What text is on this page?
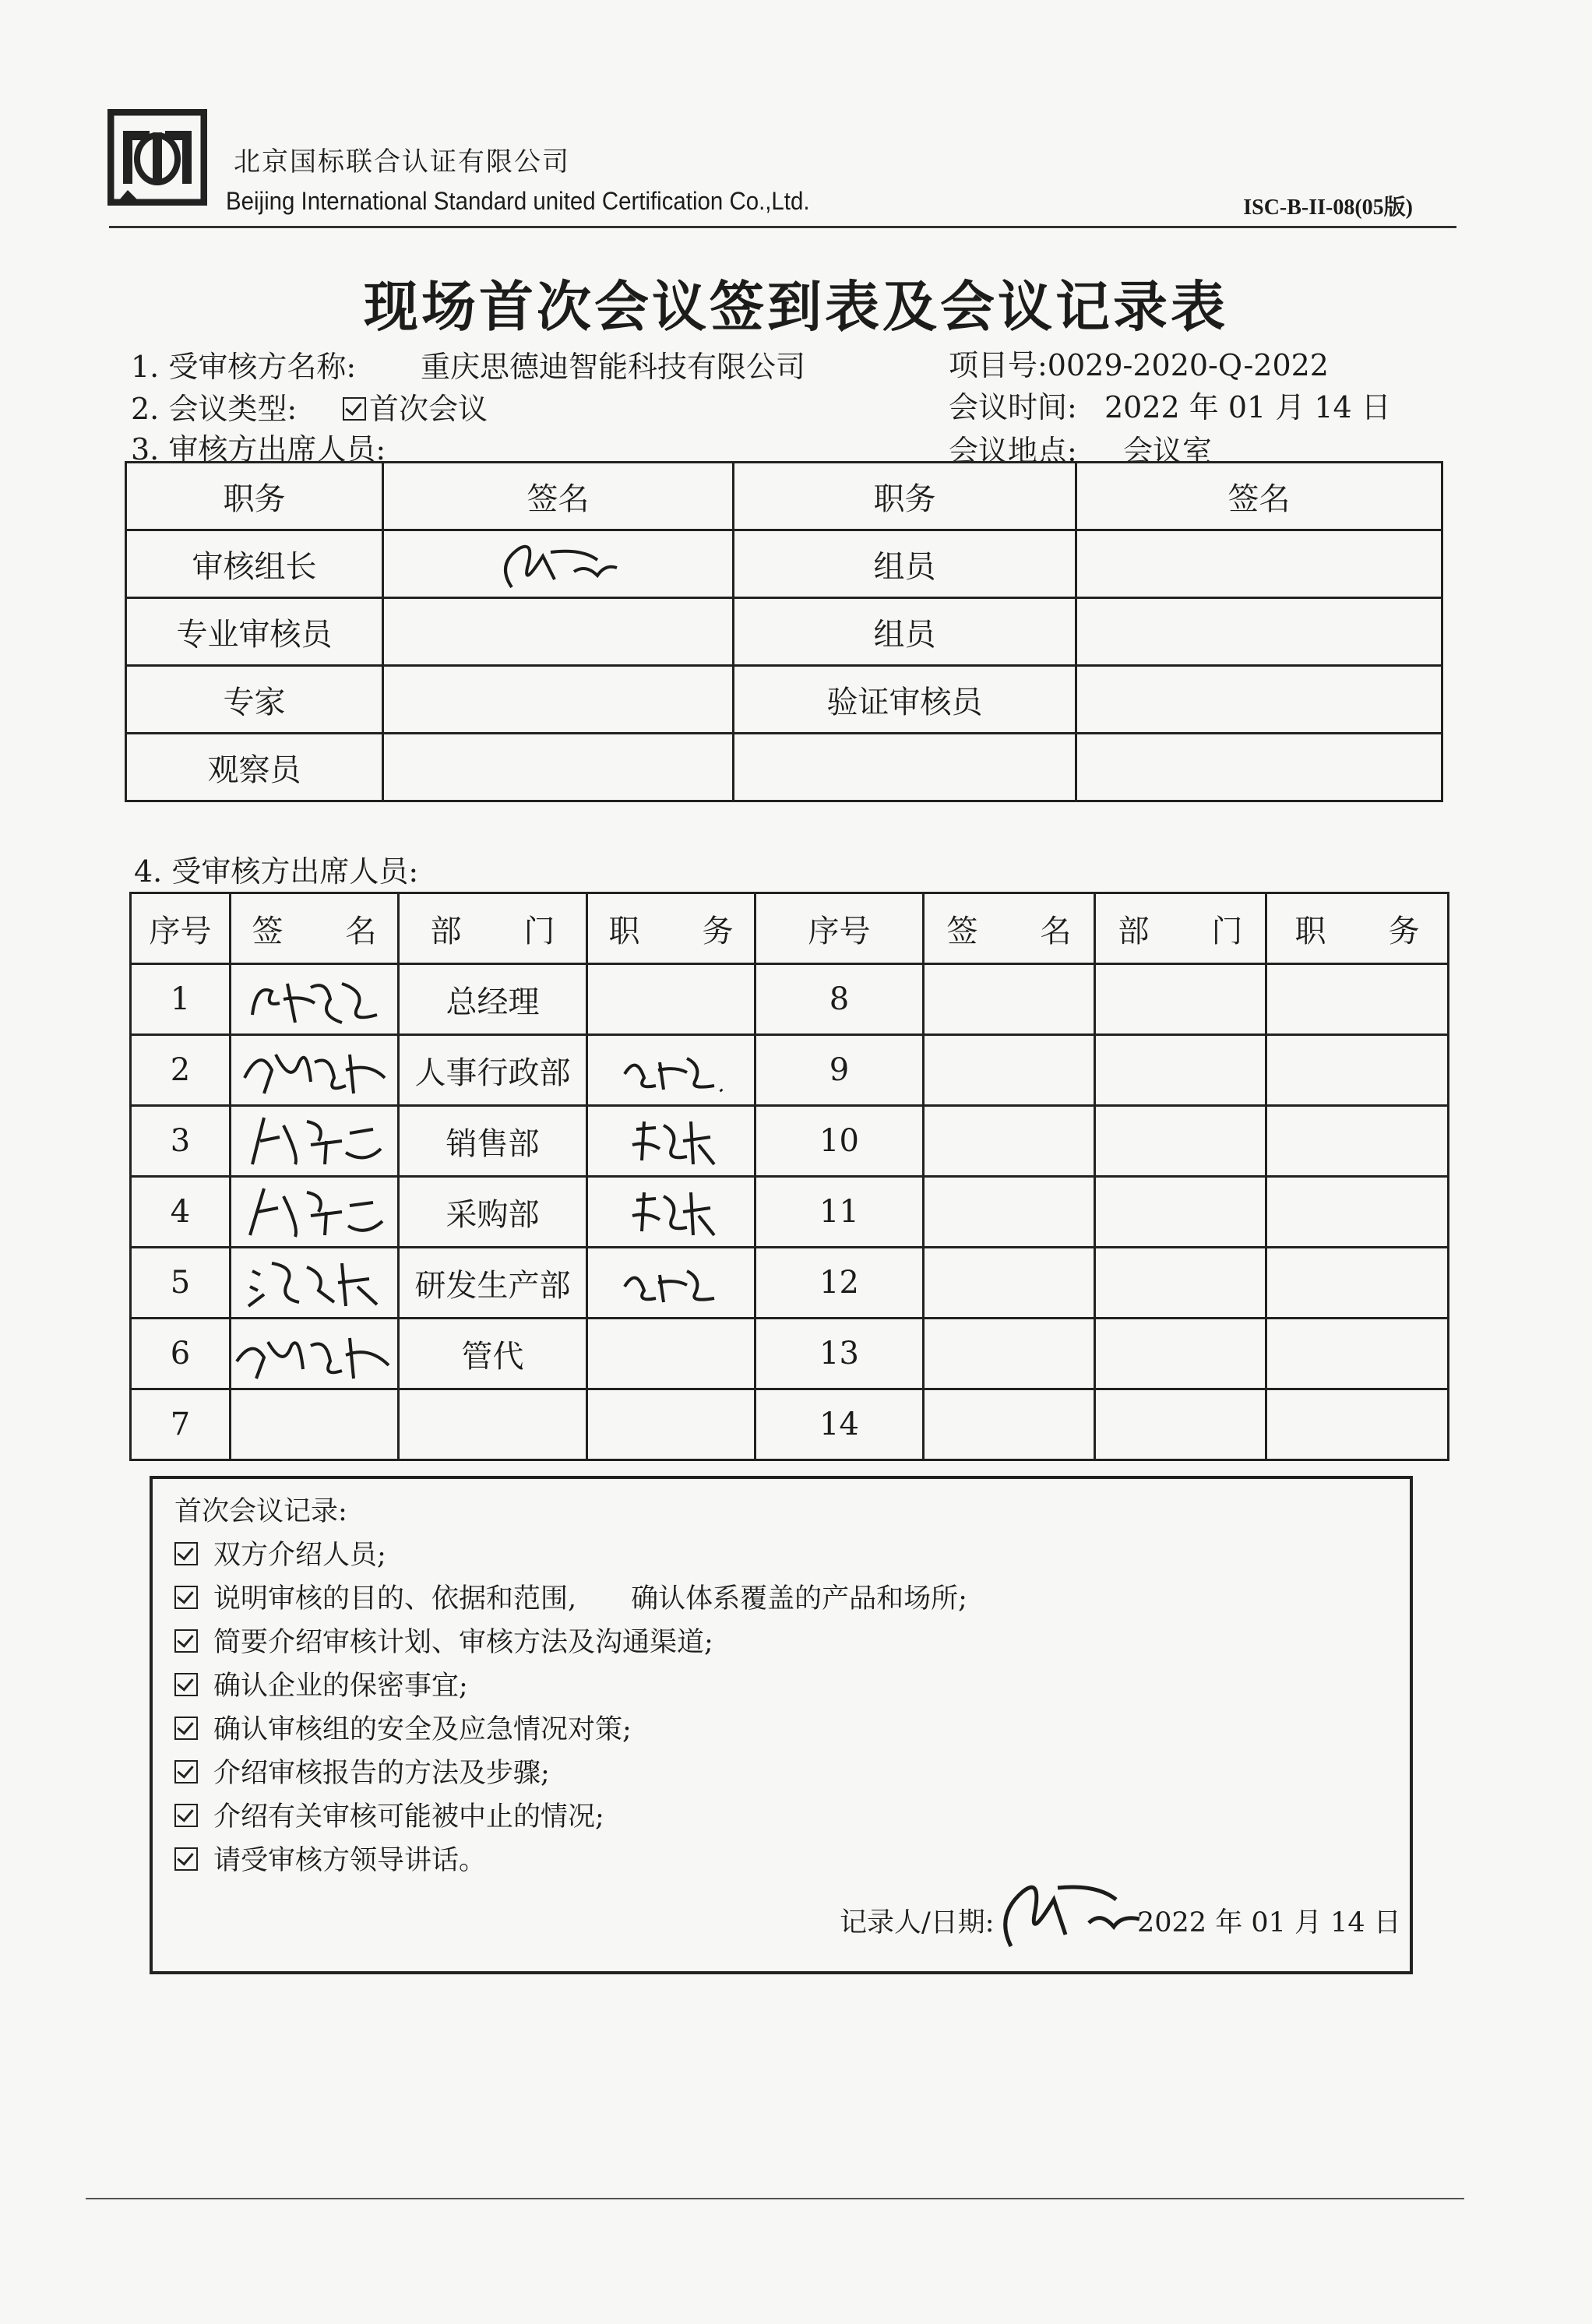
北京国标联合认证有限公司
Beijing International Standard united Certification Co.,Ltd.	ISC-B-II-08(05版)
现场首次会议签到表及会议记录表
1. 受审核方名称: 重庆思德迪智能科技有限公司	项目号:0029-2020-Q-2022
2. 会议类型:	首次会议	会议时间: 2022 年 01 月 14 日
3. 审核方出席人员:	会议地点: 会议室
职务	签名	职务	签名
审核组长		组员	
专业审核员		组员	
专家		验证审核员	
观察员			
4. 受审核方出席人员:
序号	签　　名	部　　门	职　　务	序号	签　　名	部　　门	职　　务
1		总经理		8			
2		人事行政部		9			
3		销售部		10			
4		采购部		11			
5		研发生产部		12			
6		管代		13			
7				14			
首次会议记录:
双方介绍人员;
说明审核的目的、依据和范围,　　确认体系覆盖的产品和场所;
简要介绍审核计划、审核方法及沟通渠道;
确认企业的保密事宜;
确认审核组的安全及应急情况对策;
介绍审核报告的方法及步骤;
介绍有关审核可能被中止的情况;
请受审核方领导讲话。
记录人/日期:	2022 年 01 月 14 日
